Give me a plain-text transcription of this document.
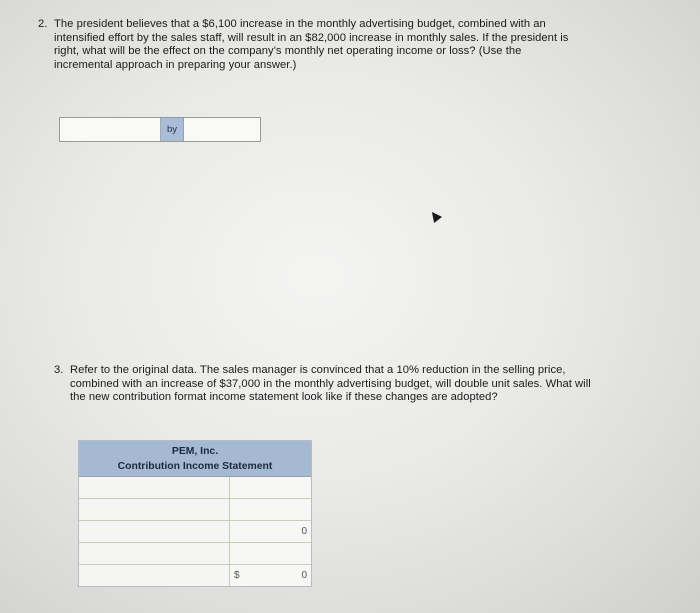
2. The president believes that a $6,100 increase in the monthly advertising budget, combined with an
intensified effort by the sales staff, will result in an $82,000 increase in monthly sales. If the president is
right, what will be the effect on the company's monthly net operating income or loss? (Use the
incremental approach in preparing your answer.)
by
3. Refer to the original data. The sales manager is convinced that a 10% reduction in the selling price,
combined with an increase of $37,000 in the monthly advertising budget, will double unit sales. What will
the new contribution format income statement look like if these changes are adopted?
PEM, Inc.
Contribution Income Statement
0
$	0
